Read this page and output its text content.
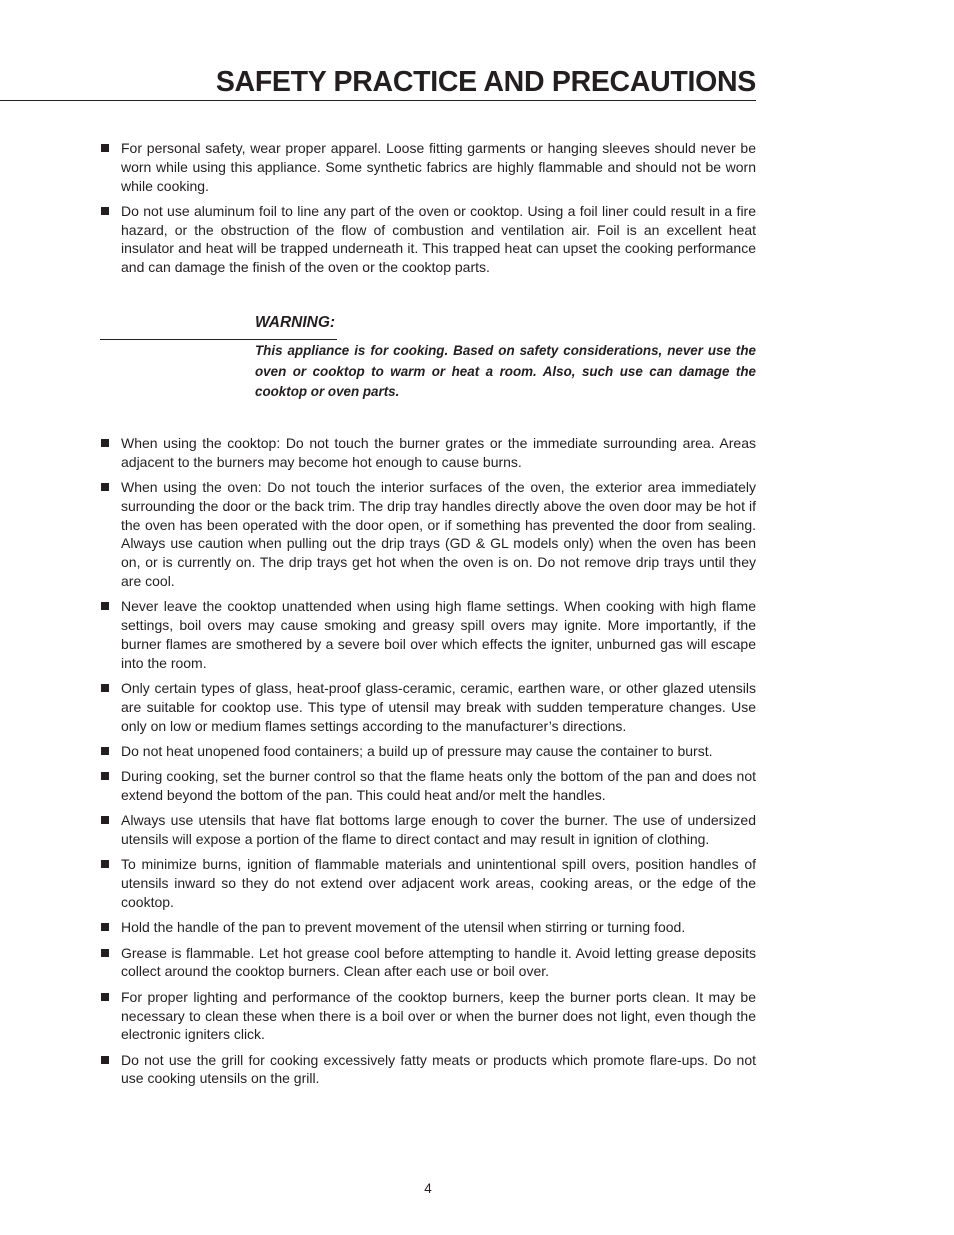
SAFETY PRACTICE AND PRECAUTIONS
For personal safety, wear proper apparel. Loose fitting garments or hanging sleeves should never be worn while using this appliance. Some synthetic fabrics are highly flammable and should not be worn while cooking.
Do not use aluminum foil to line any part of the oven or cooktop. Using a foil liner could result in a fire hazard, or the obstruction of the flow of combustion and ventilation air. Foil is an excellent heat insulator and heat will be trapped underneath it. This trapped heat can upset the cooking performance and can damage the finish of the oven or the cooktop parts.
WARNING:
This appliance is for cooking. Based on safety considerations, never use the oven or cooktop to warm or heat a room. Also, such use can damage the cooktop or oven parts.
When using the cooktop: Do not touch the burner grates or the immediate surrounding area. Areas adjacent to the burners may become hot enough to cause burns.
When using the oven: Do not touch the interior surfaces of the oven, the exterior area immediately surrounding the door or the back trim. The drip tray handles directly above the oven door may be hot if the oven has been operated with the door open, or if something has prevented the door from sealing. Always use caution when pulling out the drip trays (GD & GL models only) when the oven has been on, or is currently on. The drip trays get hot when the oven is on. Do not remove drip trays until they are cool.
Never leave the cooktop unattended when using high flame settings. When cooking with high flame settings, boil overs may cause smoking and greasy spill overs may ignite. More importantly, if the burner flames are smothered by a severe boil over which effects the igniter, unburned gas will escape into the room.
Only certain types of glass, heat-proof glass-ceramic, ceramic, earthen ware, or other glazed utensils are suitable for cooktop use. This type of utensil may break with sudden temperature changes. Use only on low or medium flames settings according to the manufacturer’s directions.
Do not heat unopened food containers; a build up of pressure may cause the container to burst.
During cooking, set the burner control so that the flame heats only the bottom of the pan and does not extend beyond the bottom of the pan. This could heat and/or melt the handles.
Always use utensils that have flat bottoms large enough to cover the burner. The use of undersized utensils will expose a portion of the flame to direct contact and may result in ignition of clothing.
To minimize burns, ignition of flammable materials and unintentional spill overs, position handles of utensils inward so they do not extend over adjacent work areas, cooking areas, or the edge of the cooktop.
Hold the handle of the pan to prevent movement of the utensil when stirring or turning food.
Grease is flammable. Let hot grease cool before attempting to handle it. Avoid letting grease deposits collect around the cooktop burners. Clean after each use or boil over.
For proper lighting and performance of the cooktop burners, keep the burner ports clean. It may be necessary to clean these when there is a boil over or when the burner does not light, even though the electronic igniters click.
Do not use the grill for cooking excessively fatty meats or products which promote flare-ups. Do not use cooking utensils on the grill.
4
